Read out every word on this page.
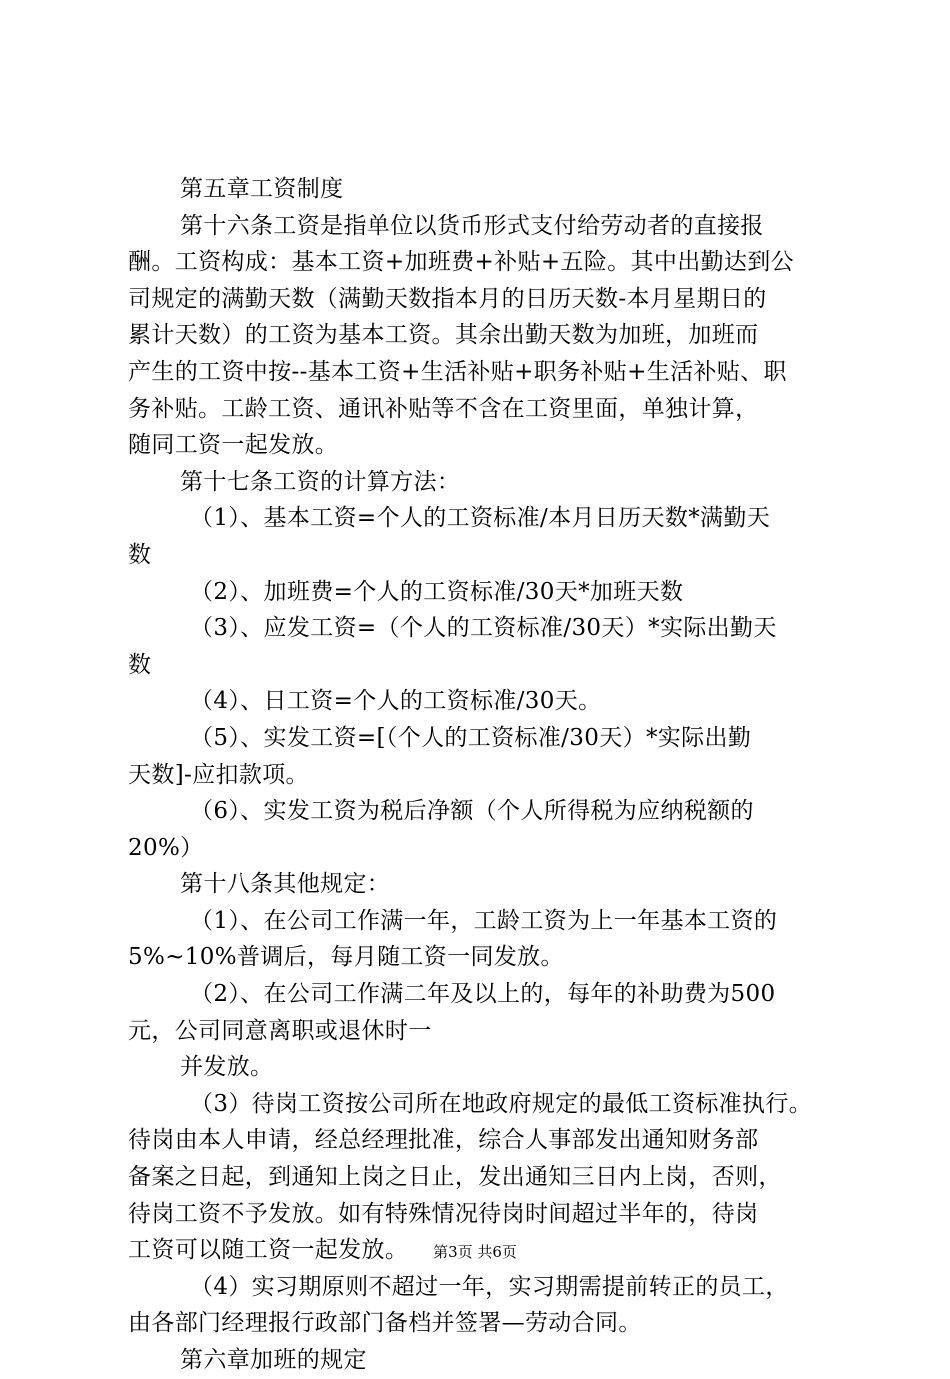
第五章工资制度
第十六条工资是指单位以货币形式支付给劳动者的直接报
酬。工资构成：基本工资+加班费+补贴+五险。其中出勤达到公
司规定的满勤天数（满勤天数指本月的日历天数-本月星期日的
累计天数）的工资为基本工资。其余出勤天数为加班，加班而
产生的工资中按--基本工资+生活补贴+职务补贴+生活补贴、职
务补贴。工龄工资、通讯补贴等不含在工资里面，单独计算，
随同工资一起发放。
第十七条工资的计算方法：
（1）、基本工资=个人的工资标准/本月日历天数*满勤天
数
（2）、加班费=个人的工资标准/30天*加班天数
（3）、应发工资=（个人的工资标准/30天）*实际出勤天
数
（4）、日工资=个人的工资标准/30天。
（5）、实发工资=[（个人的工资标准/30天）*实际出勤
天数]-应扣款项。
（6）、实发工资为税后净额（个人所得税为应纳税额的
20%）
第十八条其他规定：
（1）、在公司工作满一年，工龄工资为上一年基本工资的
5%~10%普调后，每月随工资一同发放。
（2）、在公司工作满二年及以上的，每年的补助费为500
元，公司同意离职或退休时一
并发放。
（3）待岗工资按公司所在地政府规定的最低工资标准执行。
待岗由本人申请，经总经理批准，综合人事部发出通知财务部
备案之日起，到通知上岗之日止，发出通知三日内上岗，否则，
待岗工资不予发放。如有特殊情况待岗时间超过半年的，待岗
工资可以随工资一起发放。
（4）实习期原则不超过一年，实习期需提前转正的员工，
由各部门经理报行政部门备档并签署—劳动合同。
第六章加班的规定
第3页 共6页
